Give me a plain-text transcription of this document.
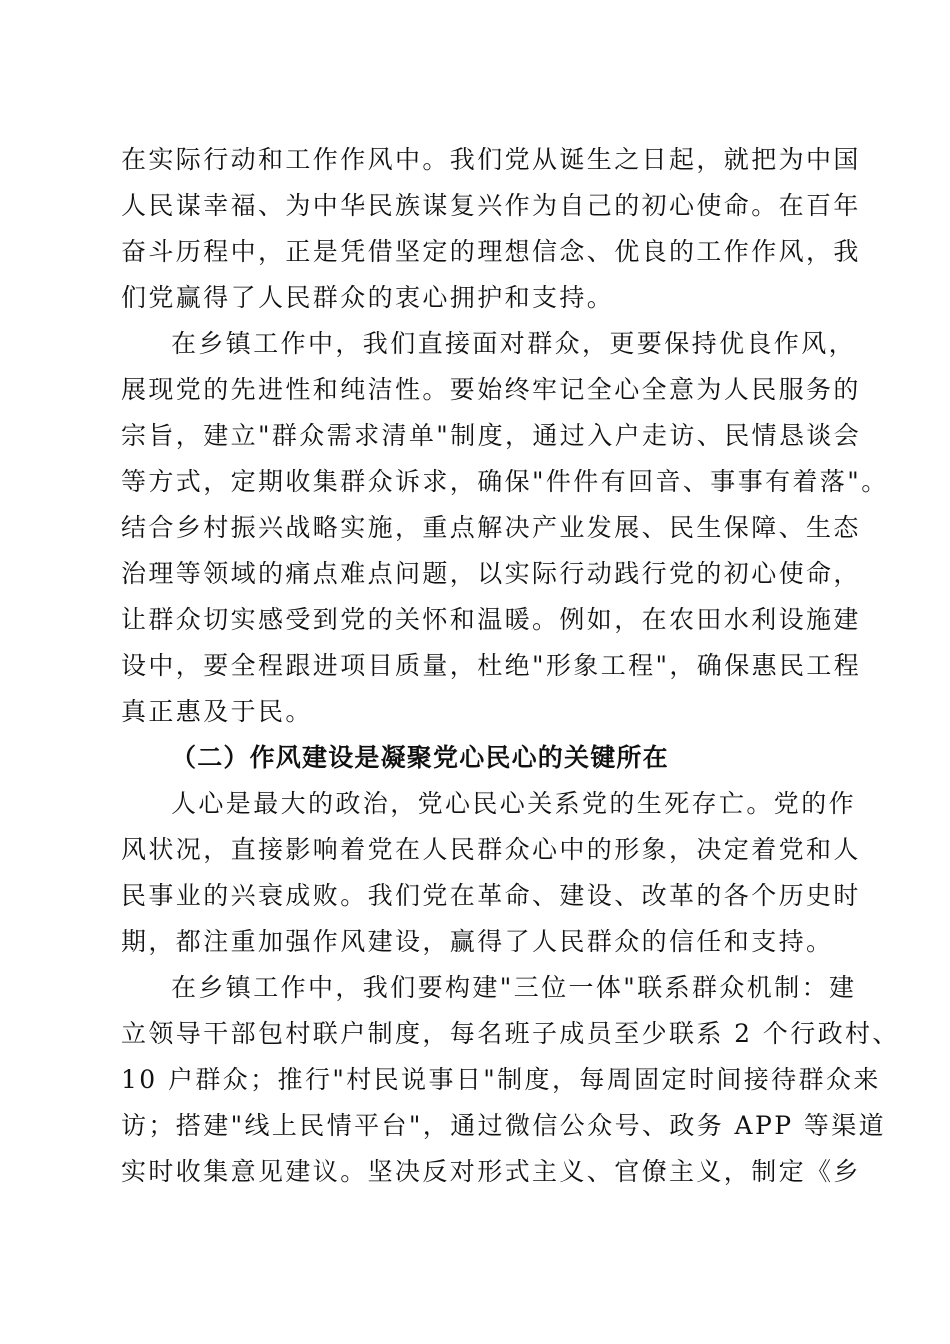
在实际行动和工作作风中。我们党从诞生之日起，就把为中国
人民谋幸福、为中华民族谋复兴作为自己的初心使命。在百年
奋斗历程中，正是凭借坚定的理想信念、优良的工作作风，我
们党赢得了人民群众的衷心拥护和支持。
在乡镇工作中，我们直接面对群众，更要保持优良作风，
展现党的先进性和纯洁性。要始终牢记全心全意为人民服务的
宗旨，建立"群众需求清单"制度，通过入户走访、民情恳谈会
等方式，定期收集群众诉求，确保"件件有回音、事事有着落"。
结合乡村振兴战略实施，重点解决产业发展、民生保障、生态
治理等领域的痛点难点问题，以实际行动践行党的初心使命，
让群众切实感受到党的关怀和温暖。例如，在农田水利设施建
设中，要全程跟进项目质量，杜绝"形象工程"，确保惠民工程
真正惠及于民。
（二）作风建设是凝聚党心民心的关键所在
人心是最大的政治，党心民心关系党的生死存亡。党的作
风状况，直接影响着党在人民群众心中的形象，决定着党和人
民事业的兴衰成败。我们党在革命、建设、改革的各个历史时
期，都注重加强作风建设，赢得了人民群众的信任和支持。
在乡镇工作中，我们要构建"三位一体"联系群众机制：建
立领导干部包村联户制度，每名班子成员至少联系 2 个行政村、
10 户群众；推行"村民说事日"制度，每周固定时间接待群众来
访；搭建"线上民情平台"，通过微信公众号、政务 APP 等渠道
实时收集意见建议。坚决反对形式主义、官僚主义，制定《乡
